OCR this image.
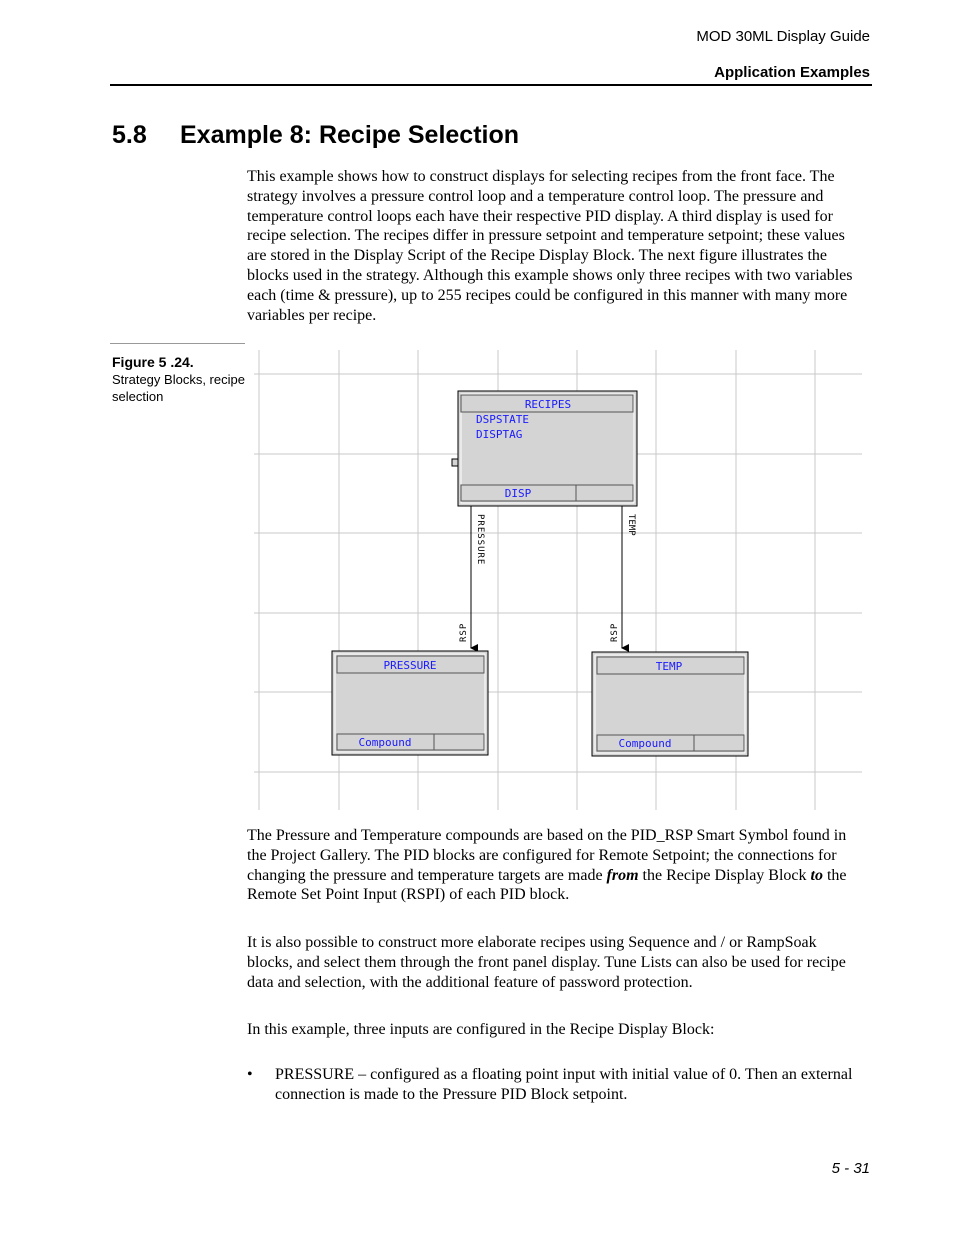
MOD 30ML Display Guide
Application Examples
5.8 Example 8: Recipe Selection
This example shows how to construct displays for selecting recipes from the front face. The strategy involves a pressure control loop and a temperature control loop. The pressure and temperature control loops each have their respective PID display. A third display is used for recipe selection. The recipes differ in pressure setpoint and temperature setpoint; these values are stored in the Display Script of the Recipe Display Block. The next figure illustrates the blocks used in the strategy. Although this example shows only three recipes with two variables each (time & pressure), up to 255 recipes could be configured in this manner with many more variables per recipe.
Figure 5 .24.
Strategy Blocks, recipe selection
RECIPES
DSPSTATE
DISPTAG
DISP
PRESSURE	TEMP
RSP	RSP
PRESSURE
Compound
TEMP
Compound
The Pressure and Temperature compounds are based on the PID_RSP Smart Symbol found in the Project Gallery. The PID blocks are configured for Remote Setpoint; the connections for changing the pressure and temperature targets are made from the Recipe Display Block to the Remote Set Point Input (RSPI) of each PID block.
It is also possible to construct more elaborate recipes using Sequence and / or RampSoak blocks, and select them through the front panel display. Tune Lists can also be used for recipe data and selection, with the additional feature of password protection.
In this example, three inputs are configured in the Recipe Display Block:
• PRESSURE – configured as a floating point input with initial value of 0. Then an external connection is made to the Pressure PID Block setpoint.
5 - 31
